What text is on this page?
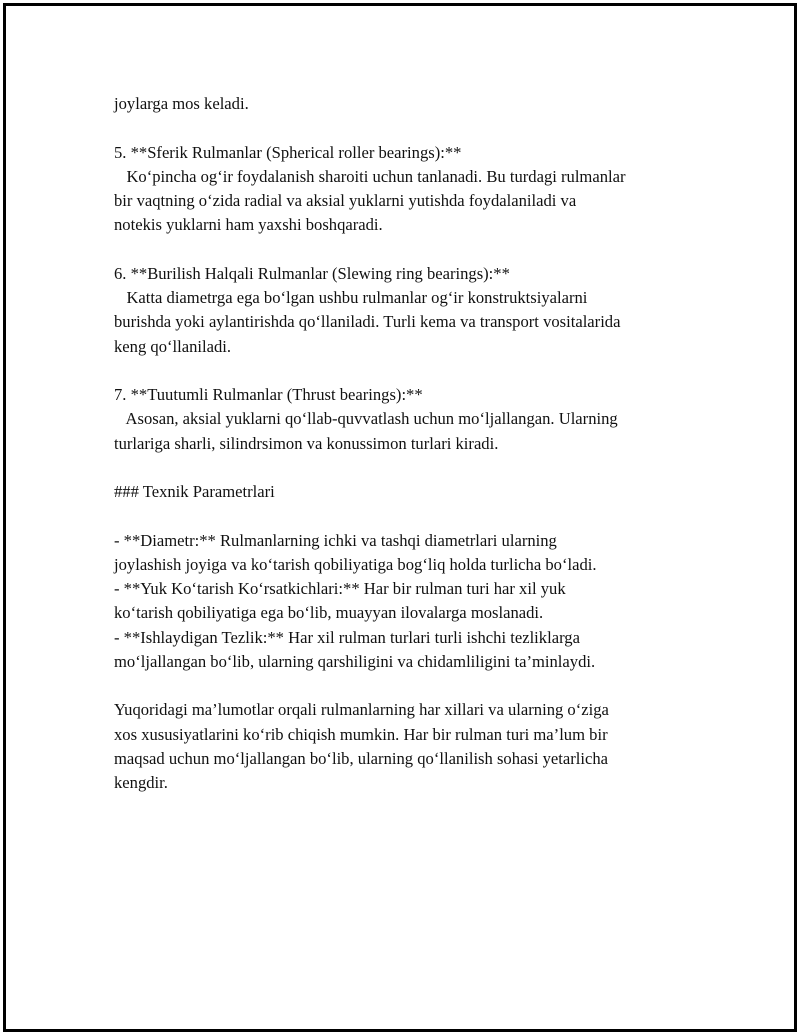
joylarga mos keladi.
5. **Sferik Rulmanlar (Spherical roller bearings):**
Ko‘pincha og‘ir foydalanish sharoiti uchun tanlanadi. Bu turdagi rulmanlar
bir vaqtning o‘zida radial va aksial yuklarni yutishda foydalaniladi va
notekis yuklarni ham yaxshi boshqaradi.
6. **Burilish Halqali Rulmanlar (Slewing ring bearings):**
Katta diametrga ega bo‘lgan ushbu rulmanlar og‘ir konstruktsiyalarni
burishda yoki aylantirishda qo‘llaniladi. Turli kema va transport vositalarida
keng qo‘llaniladi.
7. **Tuutumli Rulmanlar (Thrust bearings):**
Asosan, aksial yuklarni qo‘llab-quvvatlash uchun mo‘ljallangan. Ularning
turlariga sharli, silindrsimon va konussimon turlari kiradi.
### Texnik Parametrlari
- **Diametr:** Rulmanlarning ichki va tashqi diametrlari ularning
joylashish joyiga va ko‘tarish qobiliyatiga bog‘liq holda turlicha bo‘ladi.
- **Yuk Ko‘tarish Ko‘rsatkichlari:** Har bir rulman turi har xil yuk
ko‘tarish qobiliyatiga ega bo‘lib, muayyan ilovalarga moslanadi.
- **Ishlaydigan Tezlik:** Har xil rulman turlari turli ishchi tezliklarga
mo‘ljallangan bo‘lib, ularning qarshiligini va chidamliligini ta’minlaydi.
Yuqoridagi ma’lumotlar orqali rulmanlarning har xillari va ularning o‘ziga
xos xususiyatlarini ko‘rib chiqish mumkin. Har bir rulman turi ma’lum bir
maqsad uchun mo‘ljallangan bo‘lib, ularning qo‘llanilish sohasi yetarlicha
kengdir.
